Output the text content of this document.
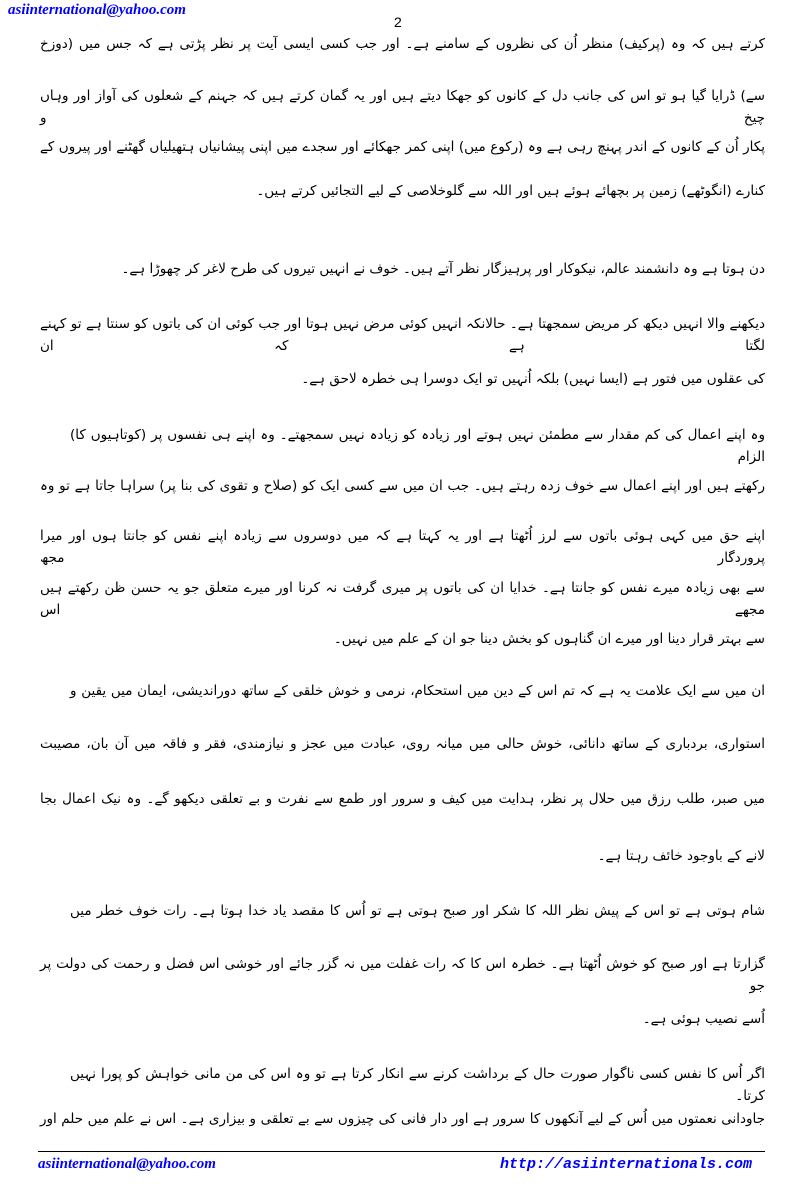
asiinternational@yahoo.com
2
کرتے ہیں کہ وہ (پرکیف) منظر اُن کی نظروں کے سامنے ہے۔ اور جب کسی ایسی آیت پر نظر پڑتی ہے کہ جس میں (دوزخ
سے) ڈرایا گیا ہو تو اس کی جانب دل کے کانوں کو جھکا دیتے ہیں اور یہ گمان کرتے ہیں کہ جہنم کے شعلوں کی آواز اور وہاں چیخ و
پکار اُن کے کانوں کے اندر پہنچ رہی ہے وہ (رکوع میں) اپنی کمر جھکائے اور سجدے میں اپنی پیشانیاں ہتھیلیاں گھٹنے اور پیروں کے
کنارے (انگوٹھے) زمین پر بچھائے ہوئے ہیں اور اللہ سے گلوخلاصی کے لیے التجائیں کرتے ہیں۔
دن ہوتا ہے وہ دانشمند عالم، نیکوکار اور پرہیزگار نظر آتے ہیں۔ خوف نے انہیں تیروں کی طرح لاغر کر چھوڑا ہے۔
دیکھنے والا انہیں دیکھ کر مریض سمجھتا ہے۔ حالانکہ انہیں کوئی مرض نہیں ہوتا اور جب کوئی ان کی باتوں کو سنتا ہے تو کہنے لگتا ہے کہ ان
کی عقلوں میں فتور ہے (ایسا نہیں) بلکہ اُنہیں تو ایک دوسرا ہی خطرہ لاحق ہے۔
وہ اپنے اعمال کی کم مقدار سے مطمئن نہیں ہوتے اور زیادہ کو زیادہ نہیں سمجھتے۔ وہ اپنے ہی نفسوں پر (کوتاہیوں کا) الزام
رکھتے ہیں اور اپنے اعمال سے خوف زدہ رہتے ہیں۔ جب ان میں سے کسی ایک کو (صلاح و تقوی کی بنا پر) سراہا جاتا ہے تو وہ
اپنے حق میں کہی ہوئی باتوں سے لرز اُٹھتا ہے اور یہ کہتا ہے کہ میں دوسروں سے زیادہ اپنے نفس کو جانتا ہوں اور میرا پروردگار مجھ
سے بھی زیادہ میرے نفس کو جانتا ہے۔ خدایا ان کی باتوں پر میری گرفت نہ کرنا اور میرے متعلق جو یہ حسن ظن رکھتے ہیں مجھے اس
سے بہتر قرار دینا اور میرے ان گناہوں کو بخش دینا جو ان کے علم میں نہیں۔
ان میں سے ایک علامت یہ ہے کہ تم اس کے دین میں استحکام، نرمی و خوش خلقی کے ساتھ دوراندیشی، ایمان میں یقین و
استواری، بردباری کے ساتھ دانائی، خوش حالی میں میانہ روی، عبادت میں عجز و نیازمندی، فقر و فاقہ میں آن بان، مصیبت
میں صبر، طلب رزق میں حلال پر نظر، ہدایت میں کیف و سرور اور طمع سے نفرت و بے تعلقی دیکھو گے۔ وہ نیک اعمال بجا
لانے کے باوجود خائف رہتا ہے۔
شام ہوتی ہے تو اس کے پیش نظر اللہ کا شکر اور صبح ہوتی ہے تو اُس کا مقصد یاد خدا ہوتا ہے۔ رات خوف خطر میں
گزارتا ہے اور صبح کو خوش اُٹھتا ہے۔ خطرہ اس کا کہ رات غفلت میں نہ گزر جائے اور خوشی اس فضل و رحمت کی دولت پر جو
اُسے نصیب ہوئی ہے۔
اگر اُس کا نفس کسی ناگوار صورت حال کے برداشت کرنے سے انکار کرتا ہے تو وہ اس کی من مانی خواہش کو پورا نہیں کرتا۔
جاودانی نعمتوں میں اُس کے لیے آنکھوں کا سرور ہے اور دار فانی کی چیزوں سے بے تعلقی و بیزاری ہے۔ اس نے علم میں حلم اور
asiinternational@yahoo.com	http://asiinternationals.com
